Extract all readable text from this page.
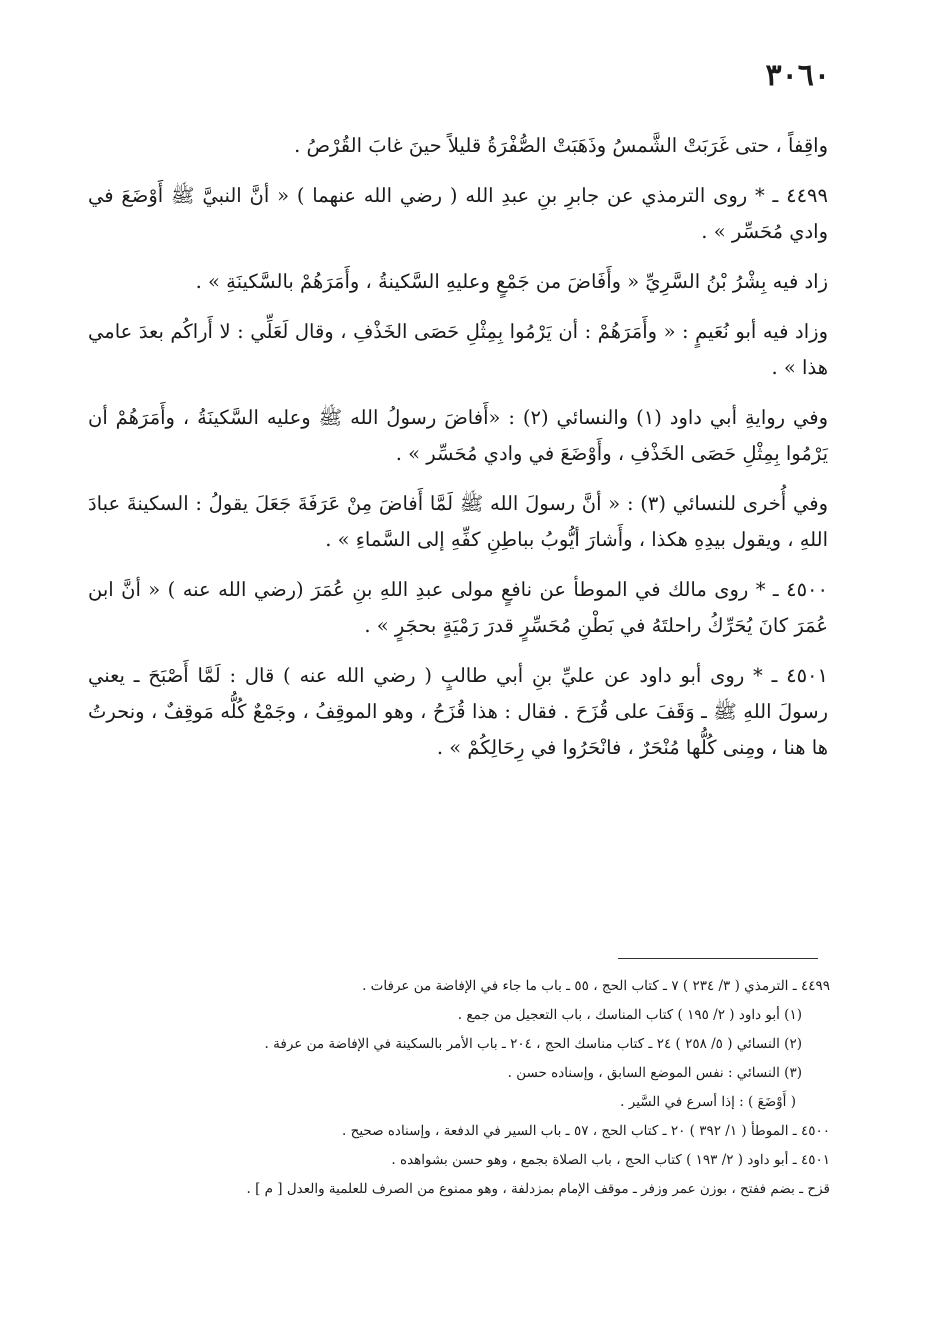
٣٠٦٠

واقِفاً ، حتى غَرَبَتْ الشَّمسُ وذَهَبَتْ الصُّفْرَةُ قليلاً حينَ غابَ القُرْصُ .

٤٤٩٩ ـ * روى الترمذي عن جابرِ بنِ عبدِ الله ( رضي الله عنهما ) « أنَّ النبيَّ ﷺ أَوْضَعَ في وادي مُحَسِّر » .

زاد فيه بِشْرُ بْنُ السَّرِيِّ « وأَفَاضَ من جَمْعٍ وعليهِ السَّكينةُ ، وأَمَرَهُمْ بالسَّكينَةِ » .

وزاد فيه أبو نُعَيمٍ : « وأَمَرَهُمْ : أن يَرْمُوا بِمِثْلِ حَصَى الخَذْفِ ، وقال لَعَلِّي : لا أَراكُم بعدَ عامي هذا » .

وفي روايةِ أبي داود (١) والنسائي (٢) : «أَفاضَ رسولُ الله ﷺ وعليه السَّكينَةُ ، وأَمَرَهُمْ أن يَرْمُوا بِمِثْلِ حَصَى الخَذْفِ ، وأَوْضَعَ في وادي مُحَسِّر » .

وفي أُخرى للنسائي (٣) : « أنَّ رسولَ الله ﷺ لَمَّا أَفاضَ مِنْ عَرَفَةَ جَعَلَ يقولُ : السكينةَ عبادَ اللهِ ، ويقول بيدِهِ هكذا ، وأَشارَ أيُّوبُ بباطِنِ كفِّهِ إلى السَّماءِ » .

٤٥٠٠ ـ * روى مالك في الموطأ عن نافعٍ مولى عبدِ اللهِ بنِ عُمَرَ (رضي الله عنه ) « أنَّ ابن عُمَرَ كانَ يُحَرِّكُ راحلتَهُ في بَطْنِ مُحَسِّرٍ قدرَ رَمْيَةٍ بحجَرٍ » .

٤٥٠١ ـ * روى أبو داود عن عليِّ بنِ أبي طالبٍ ( رضي الله عنه ) قال : لَمَّا أَصْبَحَ ـ يعني رسولَ اللهِ ﷺ ـ وَقَفَ على قُزَحَ . فقال : هذا قُزَحُ ، وهو الموقِفُ ، وجَمْعٌ كُلُّه مَوقِفٌ ، ونحرتُ ها هنا ، ومِنى كُلُّها مُنْحَرٌ ، فانْحَرُوا في رِحَالِكُمْ » .

٤٤٩٩ ـ الترمذي ( ٣/ ٢٣٤ ) ٧ ـ كتاب الحج ، ٥٥ ـ باب ما جاء في الإفاضة من عرفات .

(١) أبو داود ( ٢/ ١٩٥ ) كتاب المناسك ، باب التعجيل من جمع .

(٢) النسائي ( ٥/ ٢٥٨ ) ٢٤ ـ كتاب مناسك الحج ، ٢٠٤ ـ باب الأمر بالسكينة في الإفاضة من عرفة .

(٣) النسائي : نفس الموضع السابق ، وإسناده حسن .

( أَوْضَعَ ) : إذا أسرع في السَّير .

٤٥٠٠ ـ الموطأ ( ١/ ٣٩٢ ) ٢٠ ـ كتاب الحج ، ٥٧ ـ باب السير في الدفعة ، وإسناده صحيح .

٤٥٠١ ـ أبو داود ( ٢/ ١٩٣ ) كتاب الحج ، باب الصلاة بجمع ، وهو حسن بشواهده .

قزح ـ بضم ففتح ، بوزن عمر وزفر ـ موقف الإمام بمزدلفة ، وهو ممنوع من الصرف للعلمية والعدل [ م ] .
